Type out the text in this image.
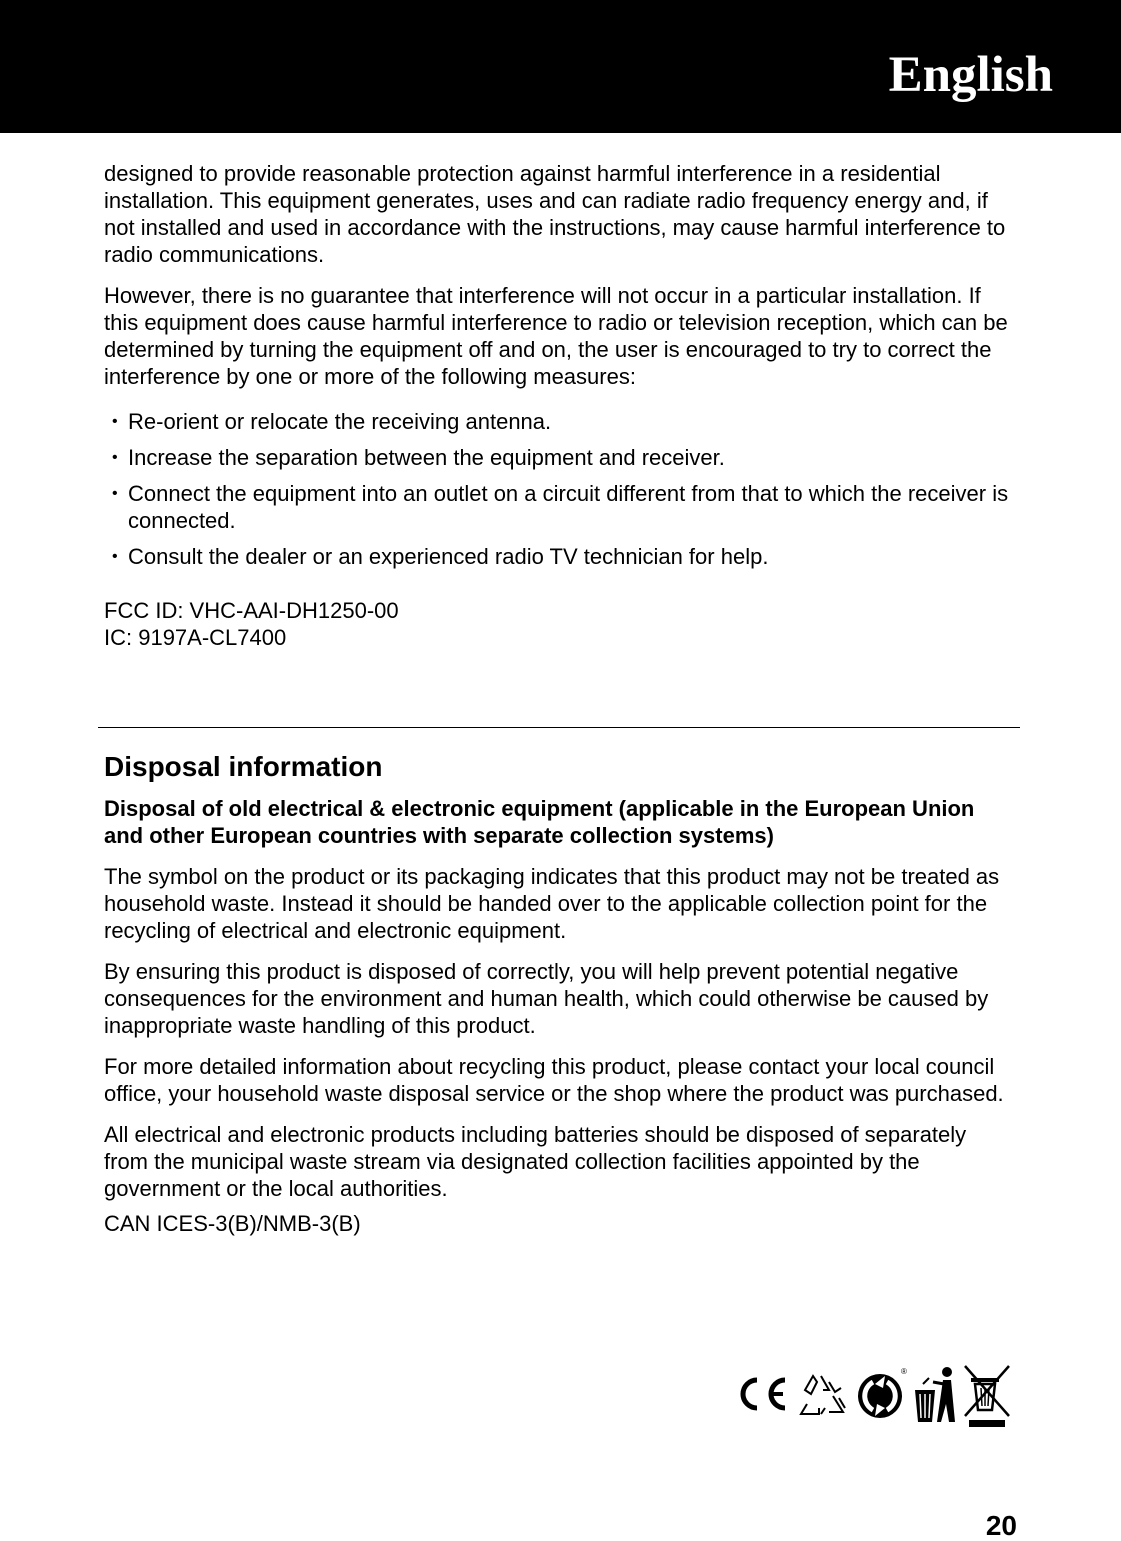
English

designed to provide reasonable protection against harmful interference in a residential installation. This equipment generates, uses and can radiate radio frequency energy and, if not installed and used in accordance with the instructions, may cause harmful interference to radio communications.

However, there is no guarantee that interference will not occur in a particular installation. If this equipment does cause harmful interference to radio or television reception, which can be determined by turning the equipment off and on, the user is encouraged to try to correct the interference by one or more of the following measures:

• Re-orient or relocate the receiving antenna.
• Increase the separation between the equipment and receiver.
• Connect the equipment into an outlet on a circuit different from that to which the receiver is connected.
• Consult the dealer or an experienced radio TV technician for help.
FCC ID: VHC-AAI-DH1250-00
IC: 9197A-CL7400
Disposal information
Disposal of old electrical & electronic equipment (applicable in the European Union and other European countries with separate collection systems)

The symbol on the product or its packaging indicates that this product may not be treated as household waste. Instead it should be handed over to the applicable collection point for the recycling of electrical and electronic equipment.

By ensuring this product is disposed of correctly, you will help prevent potential negative consequences for the environment and human health, which could otherwise be caused by inappropriate waste handling of this product.

For more detailed information about recycling this product, please contact your local council office, your household waste disposal service or the shop where the product was purchased.

All electrical and electronic products including batteries should be disposed of separately from the municipal waste stream via designated collection facilities appointed by the government or the local authorities.

CAN ICES-3(B)/NMB-3(B)
®
20
